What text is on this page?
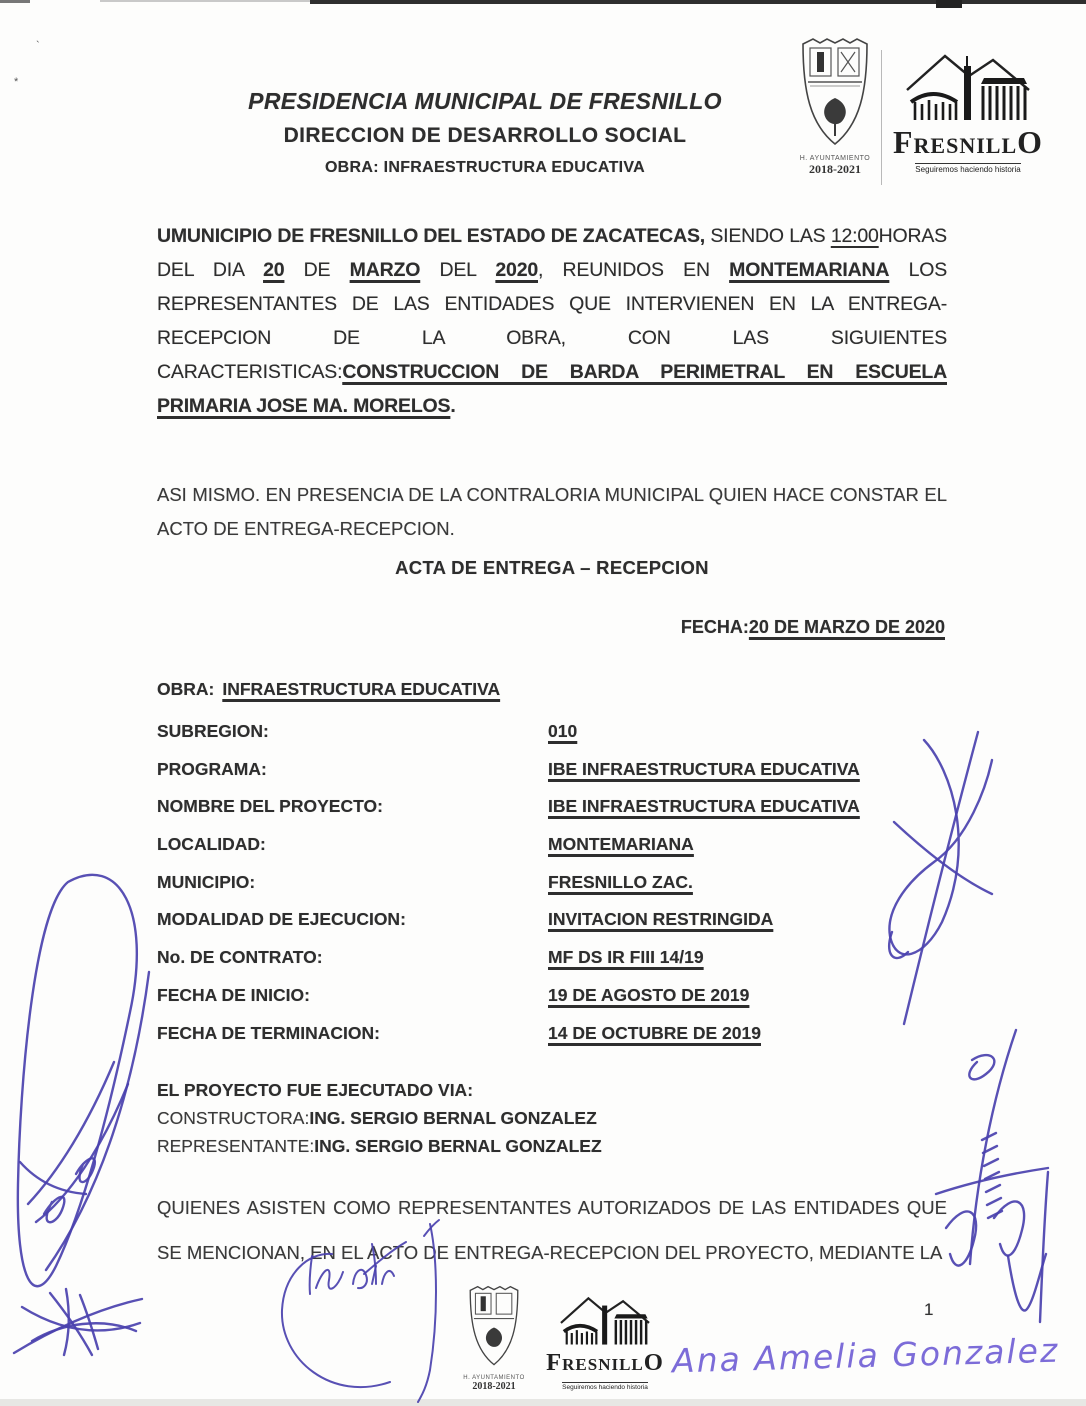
`
*
PRESIDENCIA MUNICIPAL DE FRESNILLO
DIRECCION DE DESARROLLO SOCIAL
OBRA: INFRAESTRUCTURA EDUCATIVA
H. AYUNTAMIENTO
2018-2021
FRESNILLO
Seguiremos haciendo historia
UMUNICIPIO DE FRESNILLO DEL ESTADO DE ZACATECAS, SIENDO LAS 12:00HORAS DEL DIA 20 DE MARZO DEL 2020, REUNIDOS EN MONTEMARIANA LOS REPRESENTANTES DE LAS ENTIDADES QUE INTERVIENEN EN LA ENTREGA-RECEPCION DE LA OBRA, CON LAS SIGUIENTES CARACTERISTICAS:CONSTRUCCION DE BARDA PERIMETRAL EN ESCUELA PRIMARIA JOSE MA. MORELOS.
ASI MISMO. EN PRESENCIA DE LA CONTRALORIA MUNICIPAL QUIEN HACE CONSTAR EL ACTO DE ENTREGA-RECEPCION.
ACTA DE ENTREGA – RECEPCION
FECHA:20 DE MARZO DE 2020
OBRA: INFRAESTRUCTURA EDUCATIVA
SUBREGION:	010
PROGRAMA:	IBE INFRAESTRUCTURA EDUCATIVA
NOMBRE DEL PROYECTO:	IBE INFRAESTRUCTURA EDUCATIVA
LOCALIDAD:	MONTEMARIANA
MUNICIPIO:	FRESNILLO ZAC.
MODALIDAD DE EJECUCION:	INVITACION RESTRINGIDA
No. DE CONTRATO:	MF DS IR FIII 14/19
FECHA DE INICIO:	19 DE AGOSTO DE 2019
FECHA DE TERMINACION:	14 DE OCTUBRE DE 2019
EL PROYECTO FUE EJECUTADO VIA:
CONSTRUCTORA:ING. SERGIO BERNAL GONZALEZ
REPRESENTANTE:ING. SERGIO BERNAL GONZALEZ
QUIENES ASISTEN COMO REPRESENTANTES AUTORIZADOS DE LAS ENTIDADES QUE SE MENCIONAN, EN EL ACTO DE ENTREGA-RECEPCION DEL PROYECTO, MEDIANTE LA
H. AYUNTAMIENTO
2018-2021
FRESNILLO
Seguiremos haciendo historia
1
Ana Amelia Gonzalez
